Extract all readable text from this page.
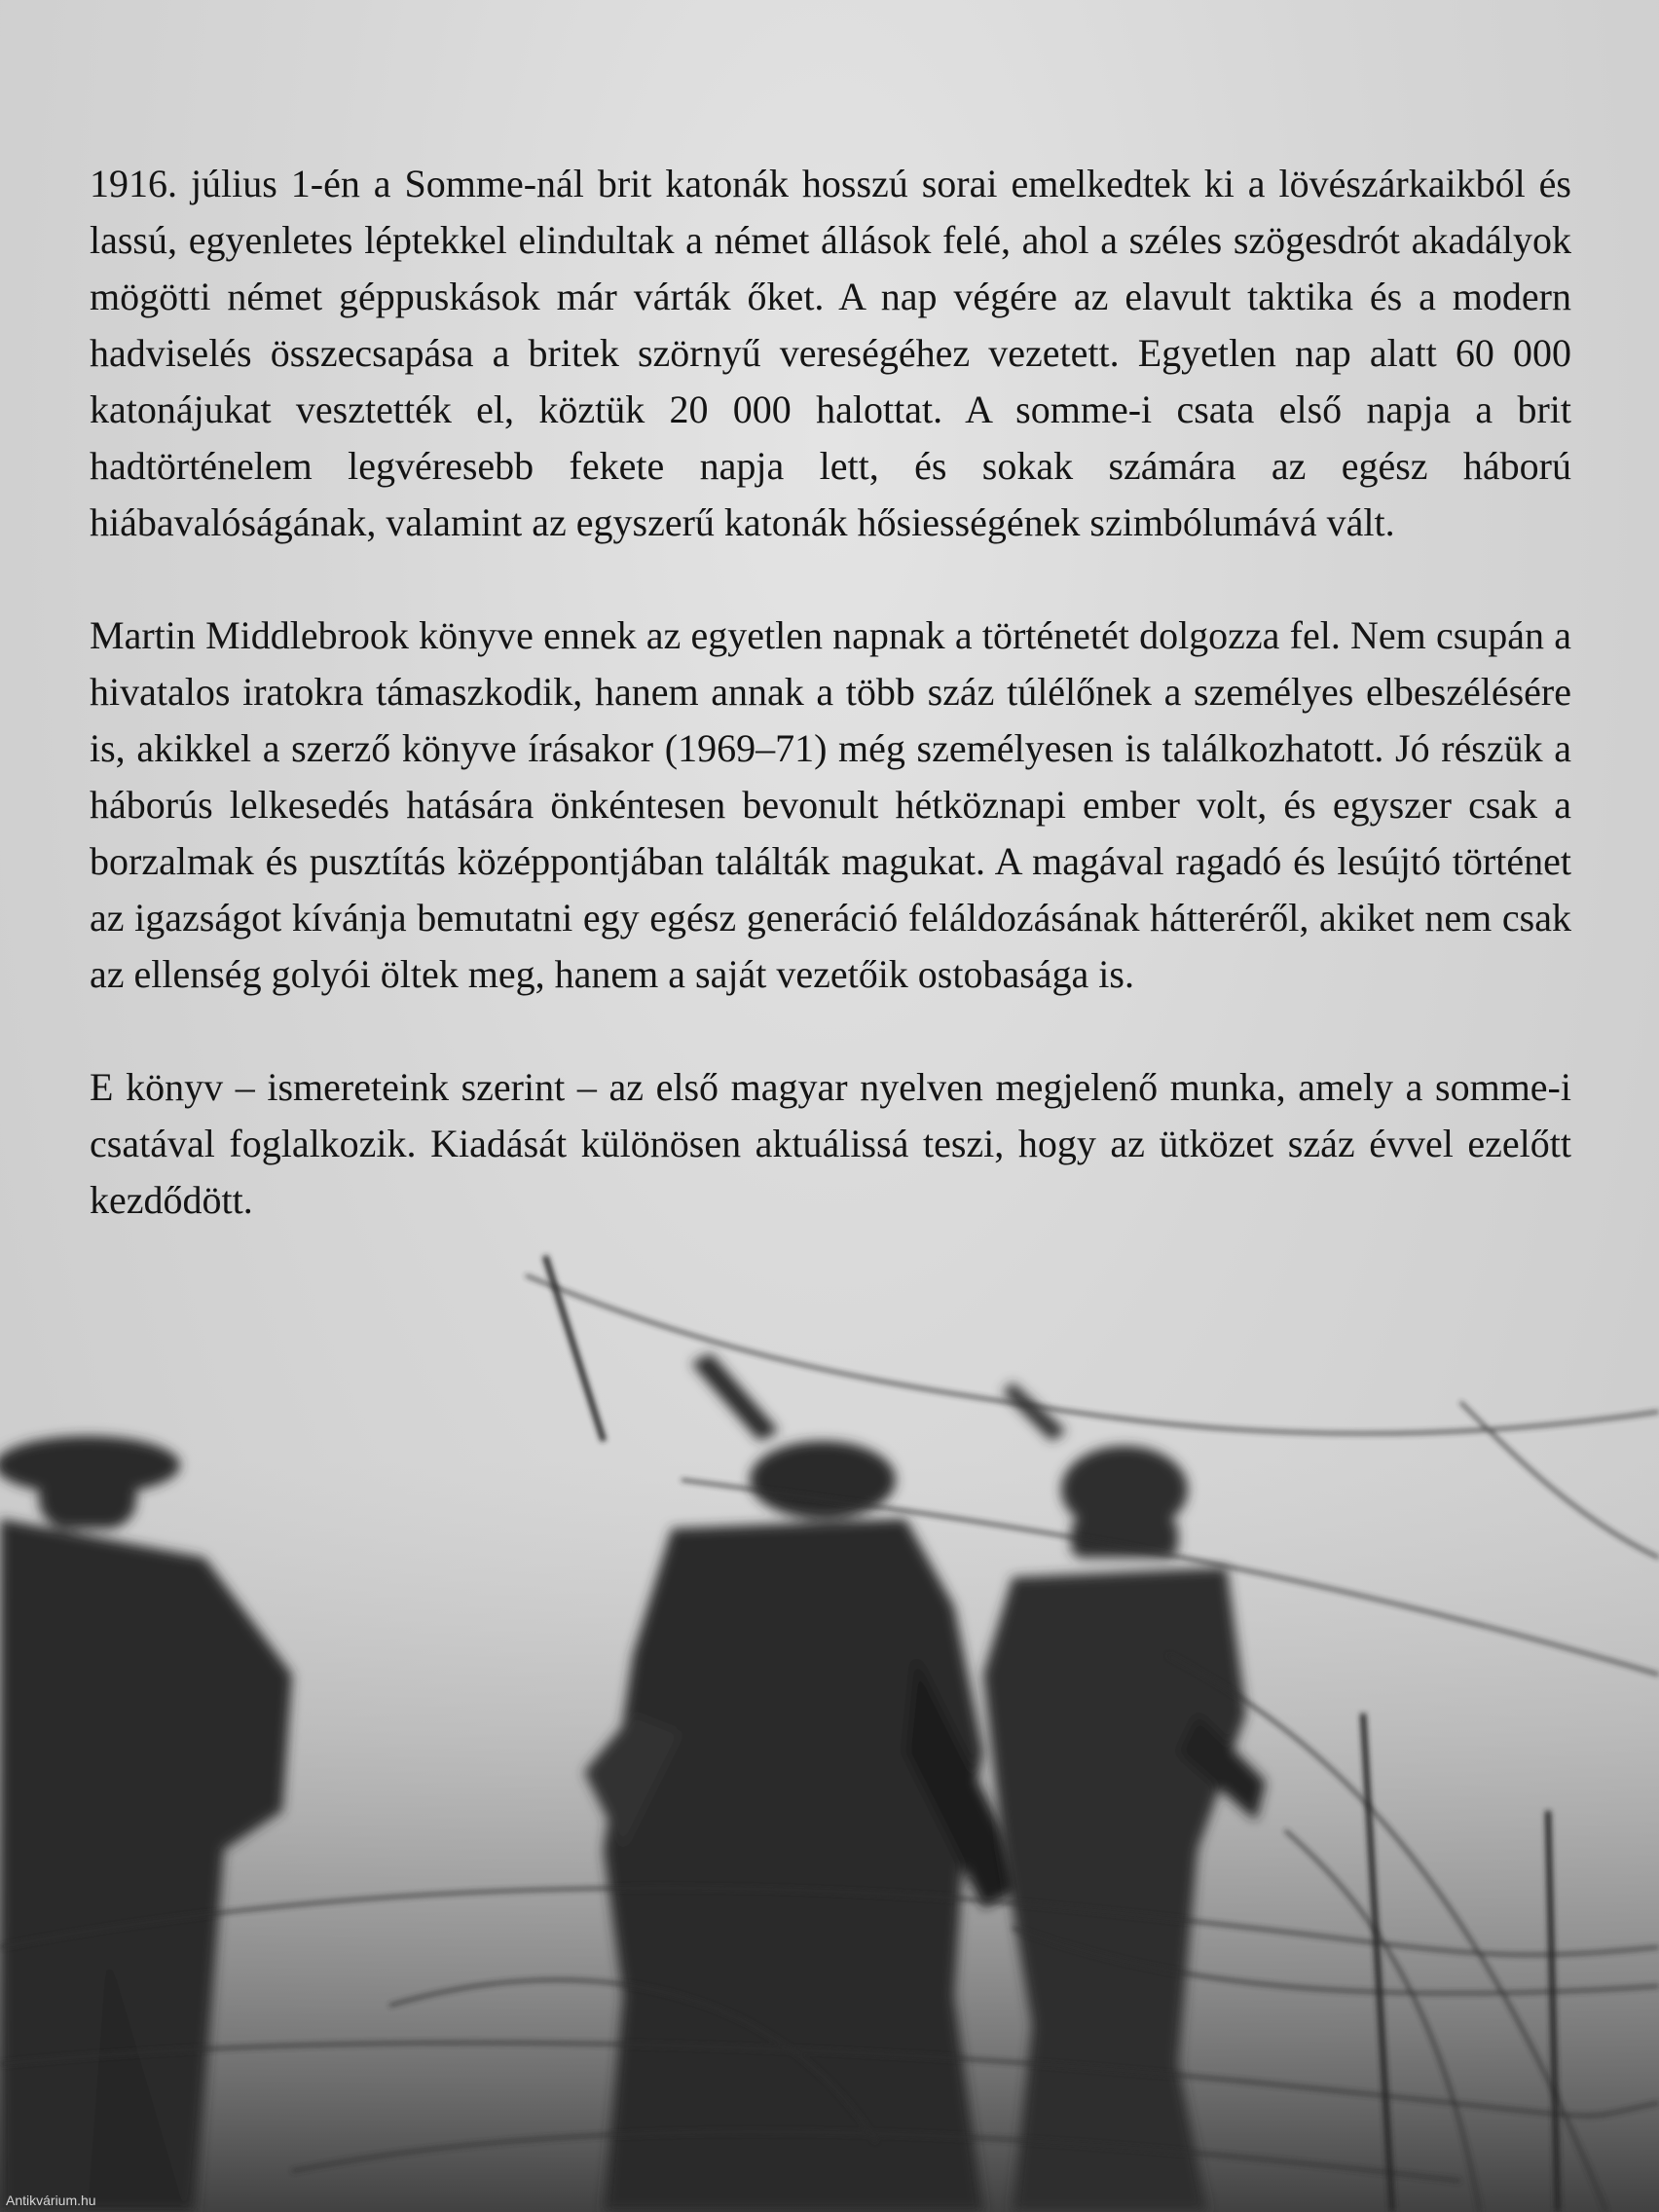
1916. július 1-én a Somme-nál brit katonák hosszú sorai emelkedtek ki a lövészárkaikból és lassú, egyenletes léptekkel elindultak a német állások felé, ahol a széles szögesdrót akadályok mögötti német géppuskások már várták őket. A nap végére az elavult taktika és a modern hadviselés összecsapása a britek szörnyű vereségéhez vezetett. Egyetlen nap alatt 60 000 katonájukat vesztették el, köztük 20 000 halottat. A somme-i csata első napja a brit hadtörténelem legvéresebb fekete napja lett, és sokak számára az egész háború hiábavalóságának, valamint az egyszerű katonák hősiességének szimbólumává vált.

Martin Middlebrook könyve ennek az egyetlen napnak a történetét dolgozza fel. Nem csupán a hivatalos iratokra támaszkodik, hanem annak a több száz túlélőnek a személyes elbeszélésére is, akikkel a szerző könyve írásakor (1969–71) még személyesen is találkozhatott. Jó részük a háborús lelkesedés hatására önkéntesen bevonult hétköznapi ember volt, és egyszer csak a borzalmak és pusztítás középpontjában találták magukat. A magával ragadó és lesújtó történet az igazságot kívánja bemutatni egy egész generáció feláldozásának hátteréről, akiket nem csak az ellenség golyói öltek meg, hanem a saját vezetőik ostobasága is.

E könyv – ismereteink szerint – az első magyar nyelven megjelenő munka, amely a somme-i csatával foglalkozik. Kiadását különösen aktuálissá teszi, hogy az ütközet száz évvel ezelőtt kezdődött.

Antikvárium.hu
